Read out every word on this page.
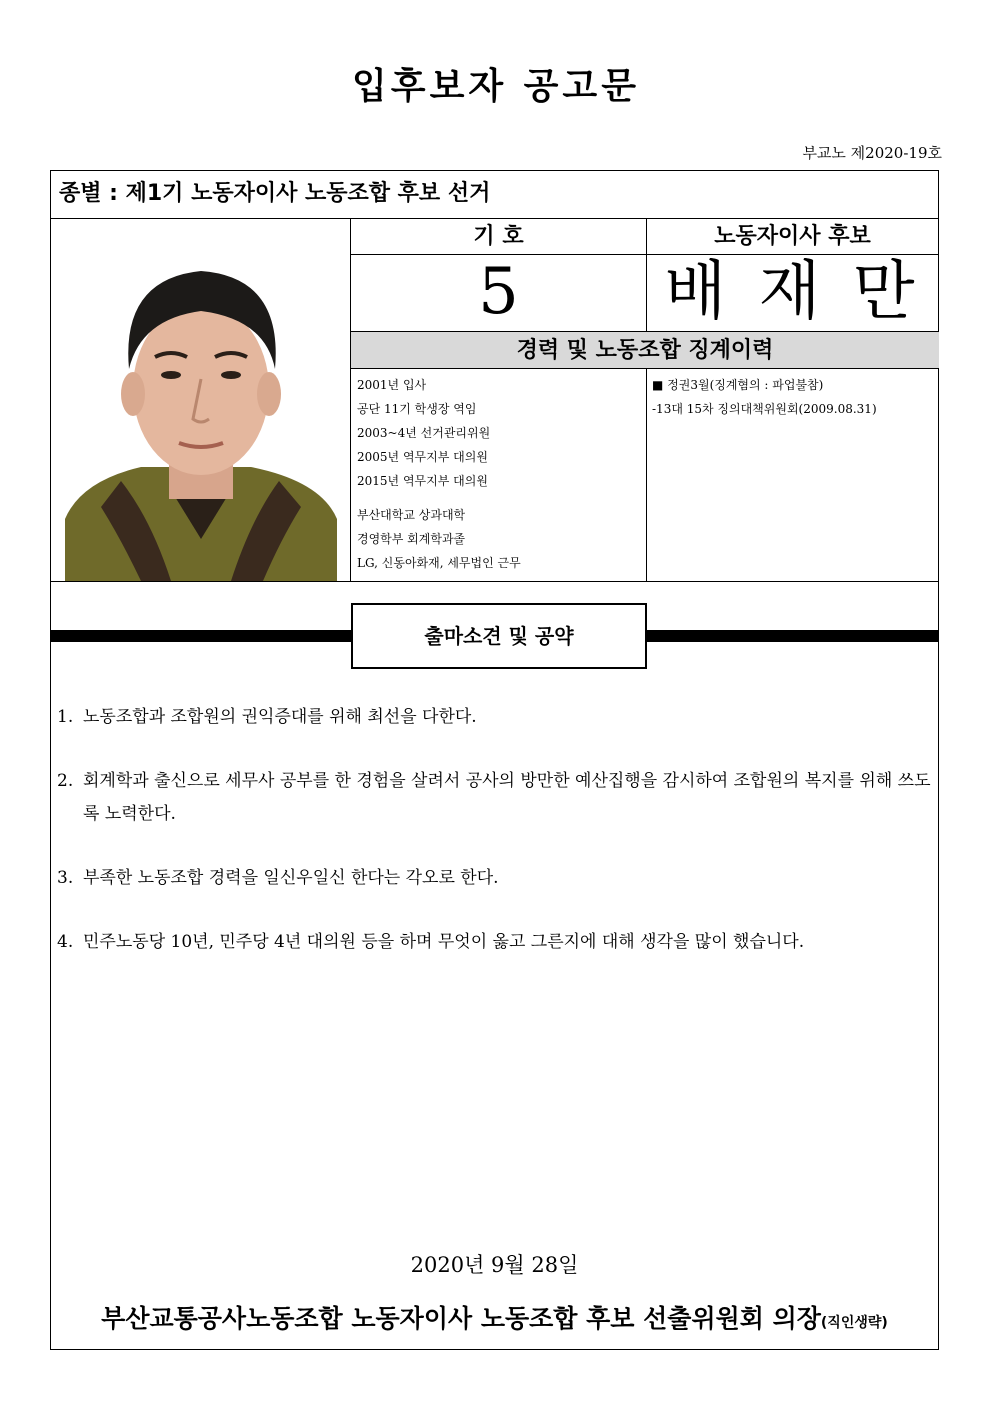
입후보자 공고문
부교노 제2020-19호
종별 : 제1기 노동자이사 노동조합 후보 선거
기 호	노동자이사 후보
5	배 재 만
경력 및 노동조합 징계이력
2001년 입사
공단 11기 학생장 역임
2003~4년 선거관리위원
2005년 역무지부 대의원
2015년 역무지부 대의원
부산대학교 상과대학
경영학부 회계학과졸
LG, 신동아화재, 세무법인 근무
■ 정권3월(징계혐의 : 파업불참)
-13대 15차 징의대책위원회(2009.08.31)
출마소견 및 공약
1. 노동조합과 조합원의 권익증대를 위해 최선을 다한다.
2. 회계학과 출신으로 세무사 공부를 한 경험을 살려서 공사의 방만한 예산집행을 감시하여 조합원의 복지를 위해 쓰도록 노력한다.
3. 부족한 노동조합 경력을 일신우일신 한다는 각오로 한다.
4. 민주노동당 10년, 민주당 4년 대의원 등을 하며 무엇이 옳고 그른지에 대해 생각을 많이 했습니다.
2020년 9월 28일
부산교통공사노동조합 노동자이사 노동조합 후보 선출위원회 의장(직인생략)
